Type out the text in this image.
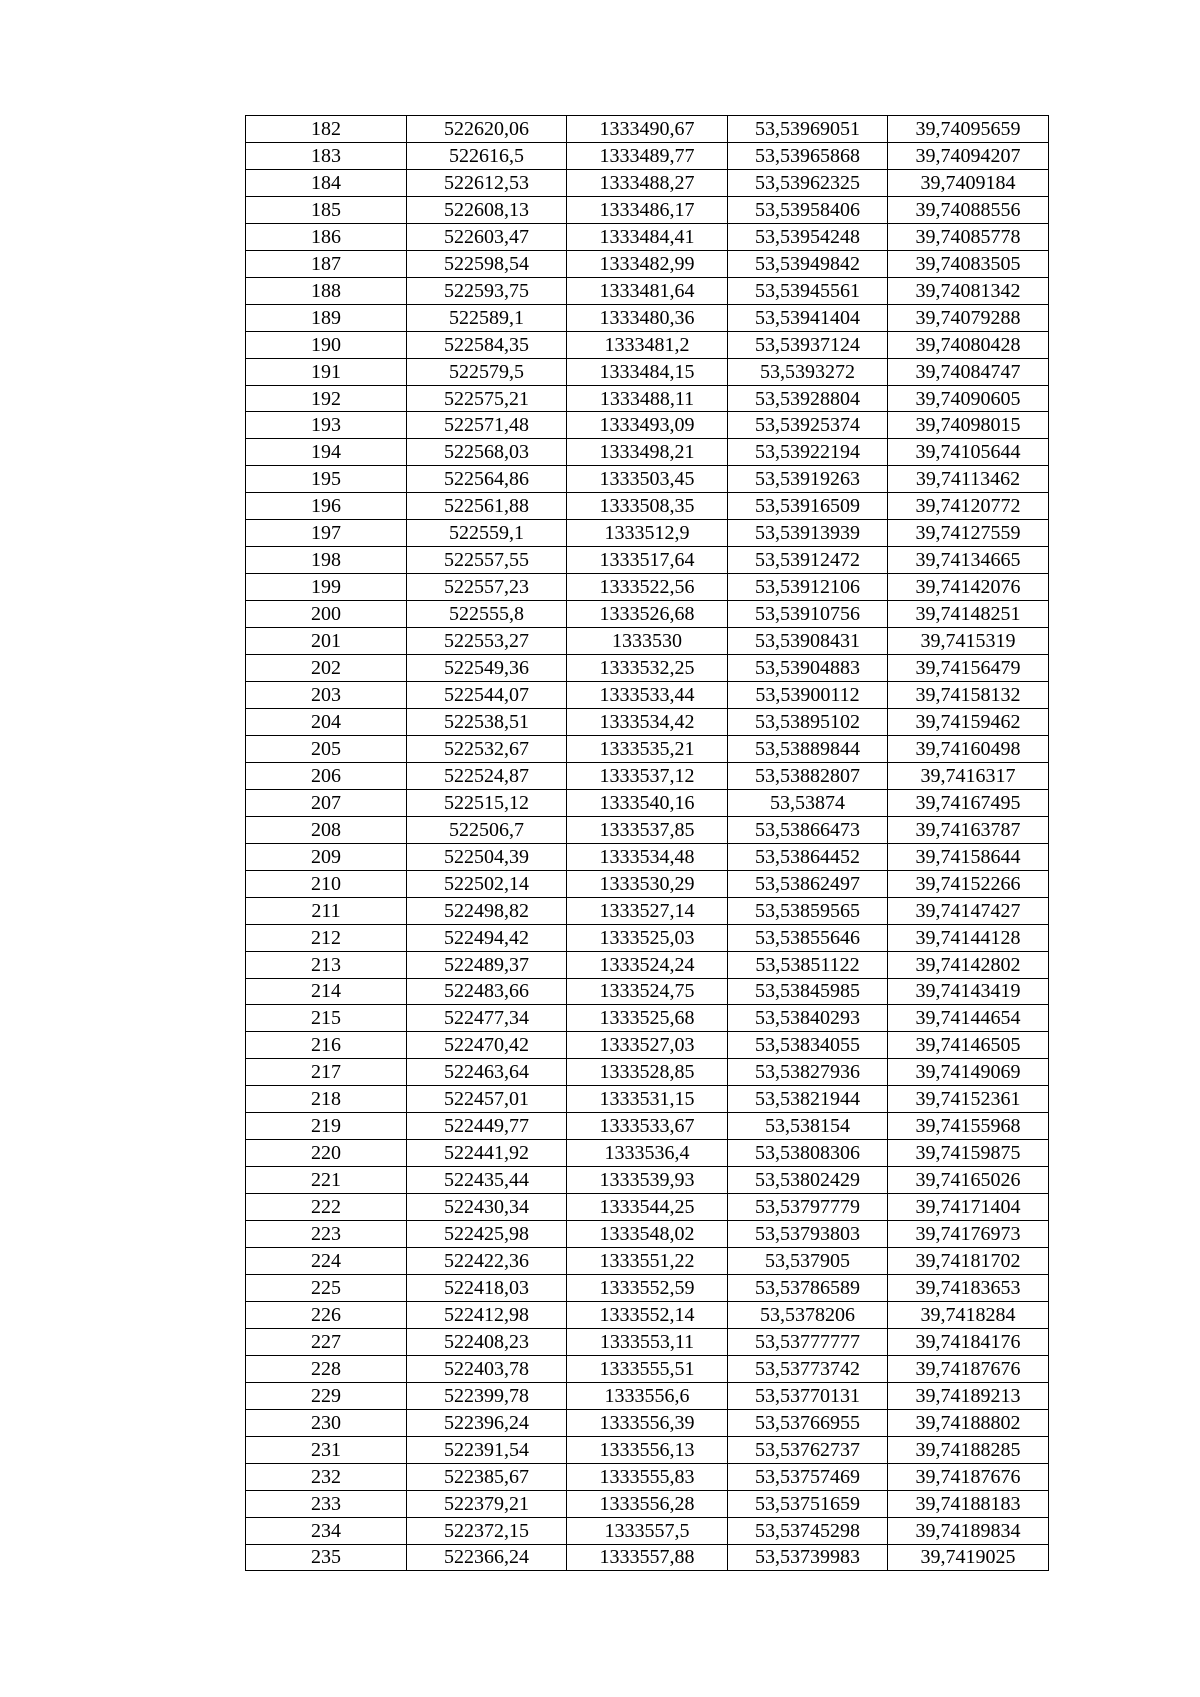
182	522620,06	1333490,67	53,53969051	39,74095659
183	522616,5	1333489,77	53,53965868	39,74094207
184	522612,53	1333488,27	53,53962325	39,7409184
185	522608,13	1333486,17	53,53958406	39,74088556
186	522603,47	1333484,41	53,53954248	39,74085778
187	522598,54	1333482,99	53,53949842	39,74083505
188	522593,75	1333481,64	53,53945561	39,74081342
189	522589,1	1333480,36	53,53941404	39,74079288
190	522584,35	1333481,2	53,53937124	39,74080428
191	522579,5	1333484,15	53,5393272	39,74084747
192	522575,21	1333488,11	53,53928804	39,74090605
193	522571,48	1333493,09	53,53925374	39,74098015
194	522568,03	1333498,21	53,53922194	39,74105644
195	522564,86	1333503,45	53,53919263	39,74113462
196	522561,88	1333508,35	53,53916509	39,74120772
197	522559,1	1333512,9	53,53913939	39,74127559
198	522557,55	1333517,64	53,53912472	39,74134665
199	522557,23	1333522,56	53,53912106	39,74142076
200	522555,8	1333526,68	53,53910756	39,74148251
201	522553,27	1333530	53,53908431	39,7415319
202	522549,36	1333532,25	53,53904883	39,74156479
203	522544,07	1333533,44	53,53900112	39,74158132
204	522538,51	1333534,42	53,53895102	39,74159462
205	522532,67	1333535,21	53,53889844	39,74160498
206	522524,87	1333537,12	53,53882807	39,7416317
207	522515,12	1333540,16	53,53874	39,74167495
208	522506,7	1333537,85	53,53866473	39,74163787
209	522504,39	1333534,48	53,53864452	39,74158644
210	522502,14	1333530,29	53,53862497	39,74152266
211	522498,82	1333527,14	53,53859565	39,74147427
212	522494,42	1333525,03	53,53855646	39,74144128
213	522489,37	1333524,24	53,53851122	39,74142802
214	522483,66	1333524,75	53,53845985	39,74143419
215	522477,34	1333525,68	53,53840293	39,74144654
216	522470,42	1333527,03	53,53834055	39,74146505
217	522463,64	1333528,85	53,53827936	39,74149069
218	522457,01	1333531,15	53,53821944	39,74152361
219	522449,77	1333533,67	53,538154	39,74155968
220	522441,92	1333536,4	53,53808306	39,74159875
221	522435,44	1333539,93	53,53802429	39,74165026
222	522430,34	1333544,25	53,53797779	39,74171404
223	522425,98	1333548,02	53,53793803	39,74176973
224	522422,36	1333551,22	53,537905	39,74181702
225	522418,03	1333552,59	53,53786589	39,74183653
226	522412,98	1333552,14	53,5378206	39,7418284
227	522408,23	1333553,11	53,53777777	39,74184176
228	522403,78	1333555,51	53,53773742	39,74187676
229	522399,78	1333556,6	53,53770131	39,74189213
230	522396,24	1333556,39	53,53766955	39,74188802
231	522391,54	1333556,13	53,53762737	39,74188285
232	522385,67	1333555,83	53,53757469	39,74187676
233	522379,21	1333556,28	53,53751659	39,74188183
234	522372,15	1333557,5	53,53745298	39,74189834
235	522366,24	1333557,88	53,53739983	39,7419025
